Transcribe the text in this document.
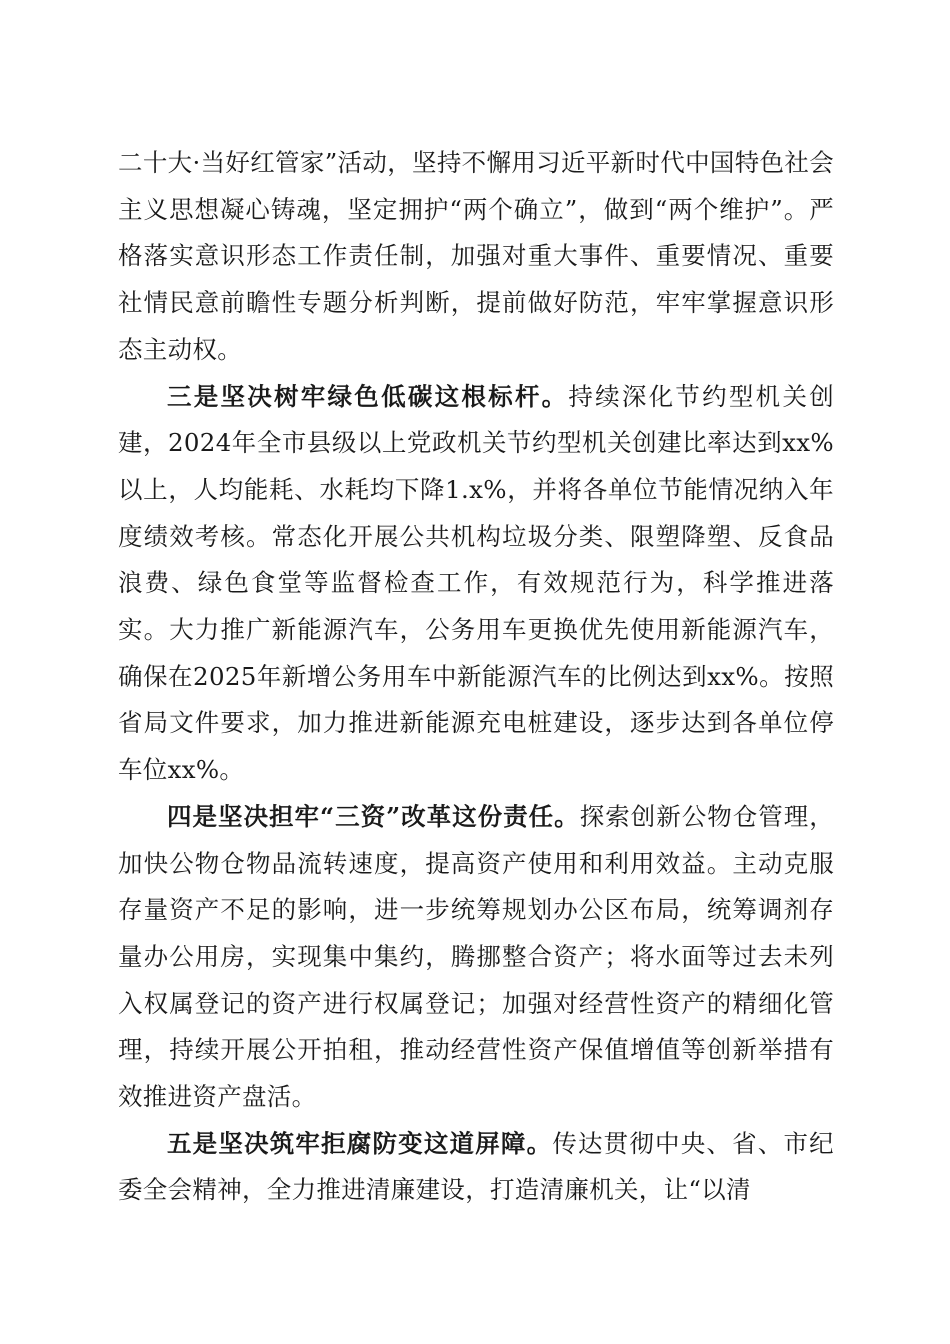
二十大·当好红管家”活动，坚持不懈用习近平新时代中国特色社会主义思想凝心铸魂，坚定拥护“两个确立”，做到“两个维护”。严格落实意识形态工作责任制，加强对重大事件、重要情况、重要社情民意前瞻性专题分析判断，提前做好防范，牢牢掌握意识形态主动权。

三是坚决树牢绿色低碳这根标杆。持续深化节约型机关创建，2024年全市县级以上党政机关节约型机关创建比率达到xx%以上，人均能耗、水耗均下降1.x%，并将各单位节能情况纳入年度绩效考核。常态化开展公共机构垃圾分类、限塑降塑、反食品浪费、绿色食堂等监督检查工作，有效规范行为，科学推进落实。大力推广新能源汽车，公务用车更换优先使用新能源汽车，确保在2025年新增公务用车中新能源汽车的比例达到xx%。按照省局文件要求，加力推进新能源充电桩建设，逐步达到各单位停车位xx%。

四是坚决担牢“三资”改革这份责任。探索创新公物仓管理，加快公物仓物品流转速度，提高资产使用和利用效益。主动克服存量资产不足的影响，进一步统筹规划办公区布局，统筹调剂存量办公用房，实现集中集约，腾挪整合资产；将水面等过去未列入权属登记的资产进行权属登记；加强对经营性资产的精细化管理，持续开展公开拍租，推动经营性资产保值增值等创新举措有效推进资产盘活。

五是坚决筑牢拒腐防变这道屏障。传达贯彻中央、省、市纪委全会精神，全力推进清廉建设，打造清廉机关，让“以清
